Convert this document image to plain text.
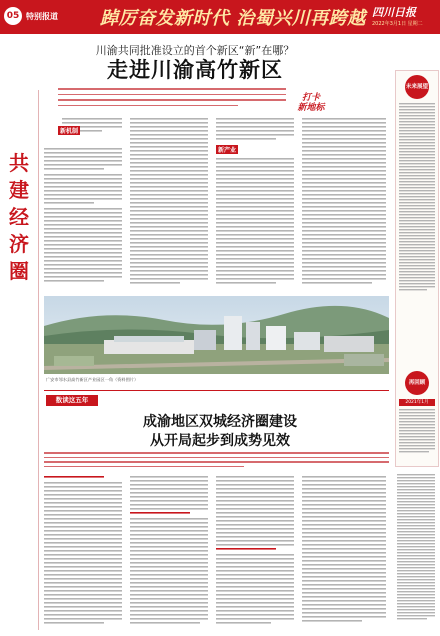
05 特别报道 踔厉奋发新时代 治蜀兴川再跨越 四川日报
2022年3月1日 星期二
川渝共同批准设立的首个新区“新”在哪？
走进川渝高竹新区
共
建
经
济
圈
打卡
新地标
新机制
新产业
广安市邻水县高竹新区产业园区一角（资料图片）
未来展望
再回顾
2021年1月
数读这五年
成渝地区双城经济圈建设
从开局起步到成势见效
